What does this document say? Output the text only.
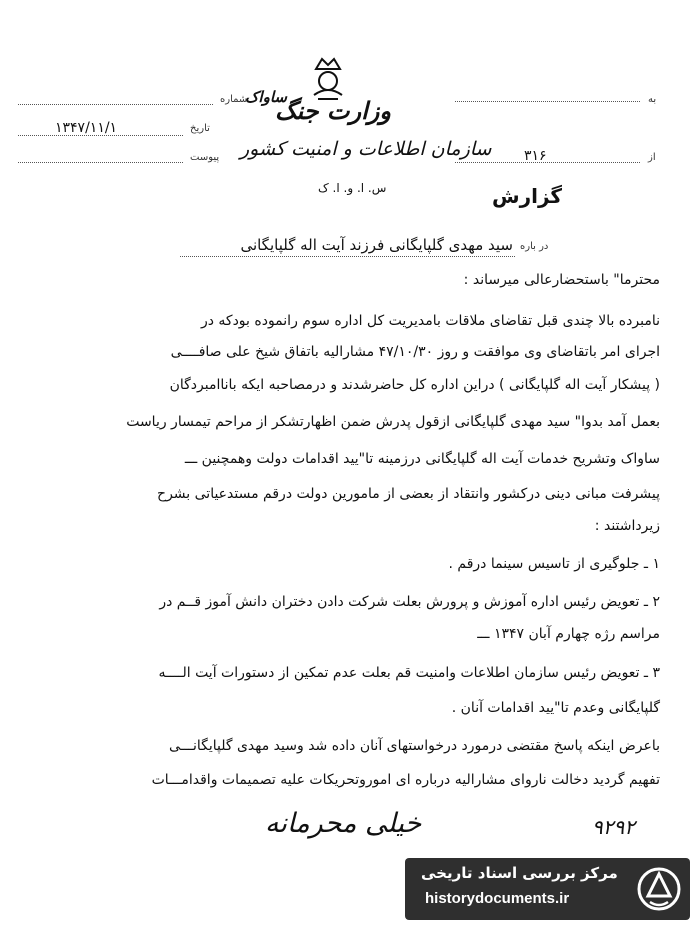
ساواک
شماره
تاریخ
۱۳۴۷/۱۱/۱
پیوست
وزارت جنگ
سازمان اطلاعات و امنیت کشور
س. ا. و. ا. ک
به
از
۳۱۶
گزارش
در باره
سید مهدی گلپایگانی فرزند آیت اله گلپایگانی
محترما" باستحضارعالی میرساند :
نامبرده بالا چندی قبل تقاضای ملاقات بامدیریت کل اداره سوم رانموده بودکه در
اجرای امر باتقاضای وی موافقت و روز ۴۷/۱۰/۳۰ مشارالیه باتفاق شیخ علی صافــــی
( پیشکار آیت اله گلپایگانی ) دراین اداره کل حاضرشدند و درمصاحبه ایکه باناامبردگان
بعمل آمد بدوا" سید مهدی گلپایگانی ازقول پدرش ضمن اظهارتشکر از مراحم تیمسار ریاست
ساواک وتشریح خدمات آیت اله گلپایگانی درزمینه تا"یید اقدامات دولت وهمچنین ـــ
پیشرفت مبانی دینی درکشور وانتقاد از بعضی از مامورین دولت درقم مستدعیاتی بشرح
زیرداشتند :
۱ ـ جلوگیری از تاسیس سینما درقم .
۲ ـ تعویض رئیس اداره آموزش و پرورش بعلت شرکت دادن دختران دانش آموز قــم در
مراسم رژه چهارم آبان ۱۳۴۷ ـــ
۳ ـ تعویض رئیس سازمان اطلاعات وامنیت قم بعلت عدم تمکین از دستورات آیت الــــه
گلپایگانی وعدم تا"یید اقدامات آنان .
باعرض اینکه پاسخ مقتضی درمورد درخواستهای آنان داده شد وسید مهدی گلپایگانـــی
تفهیم گردید دخالت ناروای مشارالیه درباره ای اموروتحریکات علیه تصمیمات واقدامـــات
خیلی محرمانه	۹۲۹۲
مرکز بررسی اسناد تاریخی
historydocuments.ir
